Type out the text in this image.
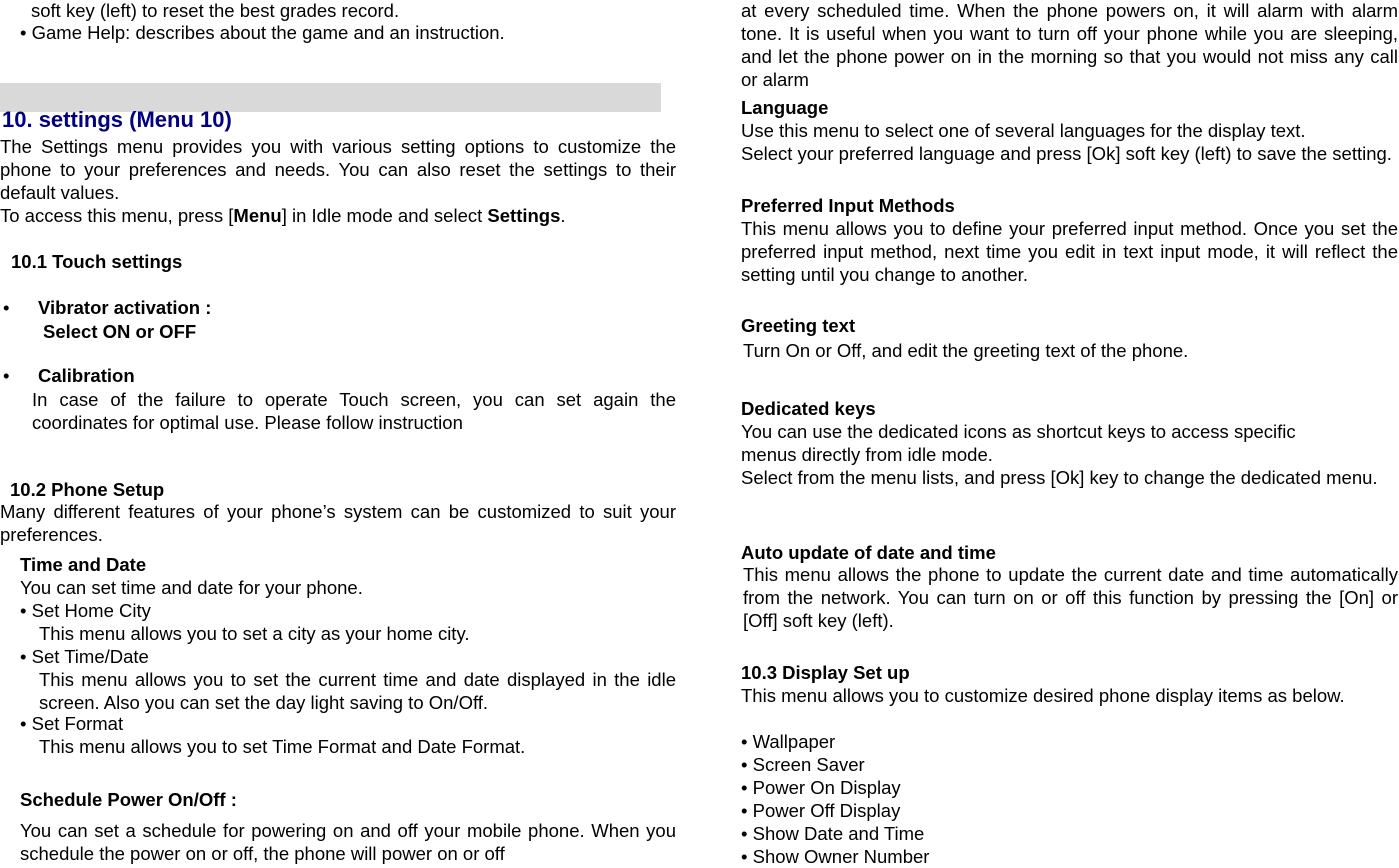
soft key (left) to reset the best grades record.

• Game Help: describes about the game and an instruction.

10. settings (Menu 10)

The Settings menu provides you with various setting options to customize the phone to your preferences and needs. You can also reset the settings to their default values.

To access this menu, press [Menu] in Idle mode and select Settings.

10.1 Touch settings

• Vibrator activation :

Select ON or OFF

• Calibration

In case of the failure to operate Touch screen, you can set again the coordinates for optimal use. Please follow instruction

10.2 Phone Setup

Many different features of your phone’s system can be customized to suit your preferences.

Time and Date

You can set time and date for your phone.

• Set Home City

This menu allows you to set a city as your home city.

• Set Time/Date

This menu allows you to set the current time and date displayed in the idle screen. Also you can set the day light saving to On/Off.

• Set Format

This menu allows you to set Time Format and Date Format.

Schedule Power On/Off :

You can set a schedule for powering on and off your mobile phone. When you schedule the power on or off, the phone will power on or off

at every scheduled time. When the phone powers on, it will alarm with alarm tone. It is useful when you want to turn off your phone while you are sleeping, and let the phone power on in the morning so that you would not miss any call or alarm

Language

Use this menu to select one of several languages for the display text.

Select your preferred language and press [Ok] soft key (left) to save the setting.

Preferred Input Methods

This menu allows you to define your preferred input method. Once you set the preferred input method, next time you edit in text input mode, it will reflect the setting until you change to another.

Greeting text

Turn On or Off, and edit the greeting text of the phone.

Dedicated keys

You can use the dedicated icons as shortcut keys to access specific

menus directly from idle mode.

Select from the menu lists, and press [Ok] key to change the dedicated menu.

Auto update of date and time

This menu allows the phone to update the current date and time automatically from the network. You can turn on or off this function by pressing the [On] or [Off] soft key (left).

10.3 Display Set up

This menu allows you to customize desired phone display items as below.

• Wallpaper

• Screen Saver

• Power On Display

• Power Off Display

• Show Date and Time

• Show Owner Number
